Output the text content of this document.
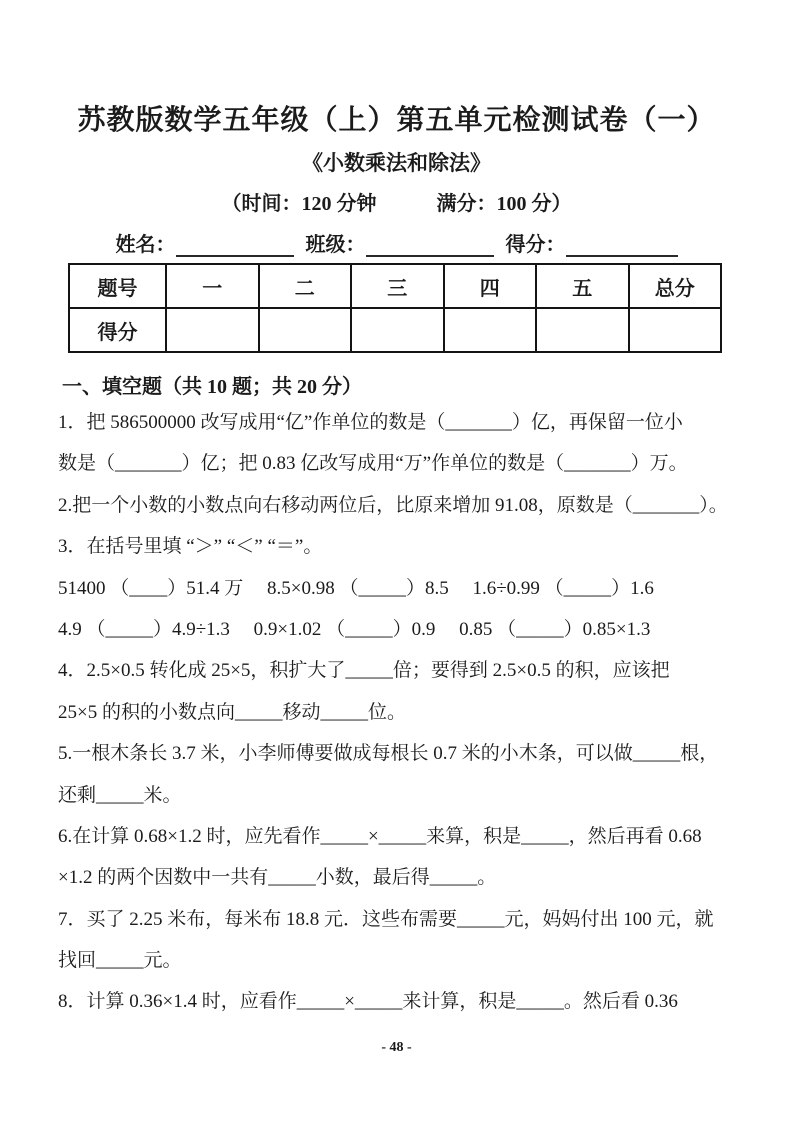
苏教版数学五年级（上）第五单元检测试卷（一）
《小数乘法和除法》
（时间：120 分钟　　　满分：100 分）
姓名：	班级：	得分：
题号	一	二	三	四	五	总分
得分						
一、填空题（共 10 题；共 20 分）
1．把 586500000 改写成用“亿”作单位的数是（_______）亿，再保留一位小
数是（_______）亿；把 0.83 亿改写成用“万”作单位的数是（_______）万。
2.把一个小数的小数点向右移动两位后，比原来增加 91.08，原数是（_______）。
3．在括号里填 “＞” “＜” “＝”。
51400 （____）51.4 万　 8.5×0.98 （_____）8.5　 1.6÷0.99 （_____）1.6
4.9 （_____）4.9÷1.3　 0.9×1.02 （_____）0.9　 0.85 （_____）0.85×1.3
4．2.5×0.5 转化成 25×5，积扩大了_____倍；要得到 2.5×0.5 的积，应该把
25×5 的积的小数点向_____移动_____位。
5.一根木条长 3.7 米，小李师傅要做成每根长 0.7 米的小木条，可以做_____根，
还剩_____米。
6.在计算 0.68×1.2 时，应先看作_____×_____来算，积是_____，然后再看 0.68
×1.2 的两个因数中一共有_____小数，最后得_____。
7．买了 2.25 米布，每米布 18.8 元．这些布需要_____元，妈妈付出 100 元，就
找回_____元。
8．计算 0.36×1.4 时，应看作_____×_____来计算，积是_____。然后看 0.36
- 48 -
